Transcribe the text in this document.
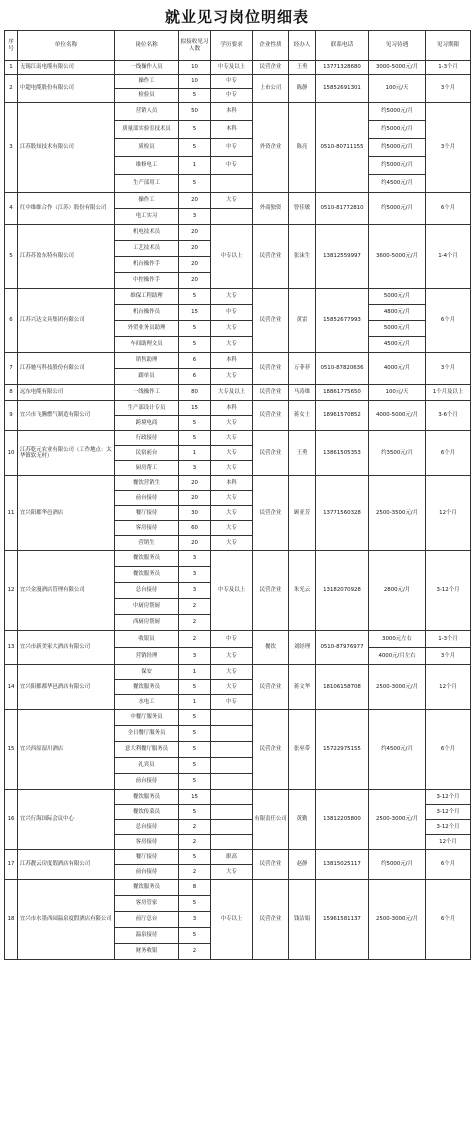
就业见习岗位明细表
序号	单位名称	岗位名称	拟接收见习人数	学历要求	企业性质	经办人	联系电话	见习待遇	见习期限
1	无锡江南电缆有限公司	一线操作人员	10	中专及以上	民营企业	王勇	13771328680	3000-5000元/月	1-3个月
2	中超电缆股份有限公司	操作工	10	中专	上市公司	陈静	15852691301	100元/天	3个月
		检验员	5	中专					
3	江苏股知技术有限公司	营销人员	50	本科	外资企业	陈亮	0510-80711155	约5000元/月	3个月
		质量部实验室技术员	5	本科				约5000元/月	
		质检员	5	中专				约5000元/月	
		维修电工	1	中专				约5000元/月	
		生产部用工	5					约4500元/月	
4	红中维维合作（江苏）股份有限公司	操作工	20	大专	外商独资	曾佳敏	0510-81772810	约5000元/月	6个月
		电工实习	3						
5	江苏苏盈东特有限公司	机电技术员	20	中专以上	民营企业	张沫生	13812559997	3600-5000元/月	1-4个月
		工艺技术员	20						
		机台操作手	20						
		中控操作手	20						
6	江苏兴达文具集团有限公司	维保工程助理	5	大专	民营企业	黄雷	15852677993	5000元/月	6个月
		机台操作员	15	中专				4800元/月	
		外贸业务员助理	5	大专				5000元/月	
		车间助理文员	5	大专				4500元/月	
7	江苏驰马科技股份有限公司	销售助理	6	本科	民营企业	万菲菲	0510-87820636	4000元/月	3个月
		跟单员	6	大专					
8	远东电缆有限公司	一线操作工	80	大专及以上	民营企业	马涛维	18861775650	100元/天	1个月及以上
9	宜兴市飞腾燃气制造有限公司	生产部设计专员	15	本科	民营企业	蒋女士	18961570852	4000-5000元/月	3-6个月
		跨境电商	5	大专					
10	江苏乾元农业有限公司（工作地点：太华镇软无村）	行政接待	5	大专	民营企业	王勇	13861505353	约3500元/月	6个月
		民宿前台	1	大专					
		厨房帮工	3	大专					
11	宜兴阳都华邑酒店	餐饮营销生	20	本科	民营企业	顾亚芳	13771560328	2500-3500元/月	12个月
		前台接待	20	大专					
		餐厅接待	30	大专					
		客房接待	60	大专					
		营销生	20	大专					
12	宜兴金漫酒店管理有限公司	餐饮服务员	3	中专及以上	民营企业	朱光云	13182070928	2800元/月	3-12个月
		餐饮服务员	3						
		总台接待	3						
		中厨房帮厨	2						
		西厨房帮厨	2						
13	宜兴市新美家大酒店有限公司	收银员	2	中专	餐饮	刘经理	0510-87976977	3000元左右	1-3个月
		营销经理	3	大专				4000元/月左右	3个月
14	宜兴阳都都华邑酒店有限公司	保安	1	大专	民营企业	蒋文华	18106158708	2500-3000元/月	12个月
		餐饮服务员	5	大专					
		水电工	1	中专					
15	宜兴西原湿川酒店	中餐厅服务员	5		民营企业	张巫带	15722975155	约4500元/月	6个月
		全日餐厅服务员	5						
		意大利餐厅服务员	5						
		礼宾员	5						
		前台接待	5						
16	宜兴行海国际会议中心	餐饮服务员	15		有限责任公司	黄勤	13812205800	2500-3000元/月	3-12个月
		餐饮传菜员	5						3-12个月
		总台接待	2						3-12个月
		客房接待	2						12个月
17	江苏靓云房度假酒店有限公司	餐厅接待	5	职高	民营企业	赵静	13815025117	约5000元/月	6个月
		前台接待	2	大专					
18	宜兴市水墨西园温泉度假酒店有限公司	餐饮服务员	8	中专以上	民营企业	钱洁娟	15961581137	2500-3000元/月	6个月
		客房管家	5						
		前厅总台	3						
		温泉接待	5						
		财务收银	2						
